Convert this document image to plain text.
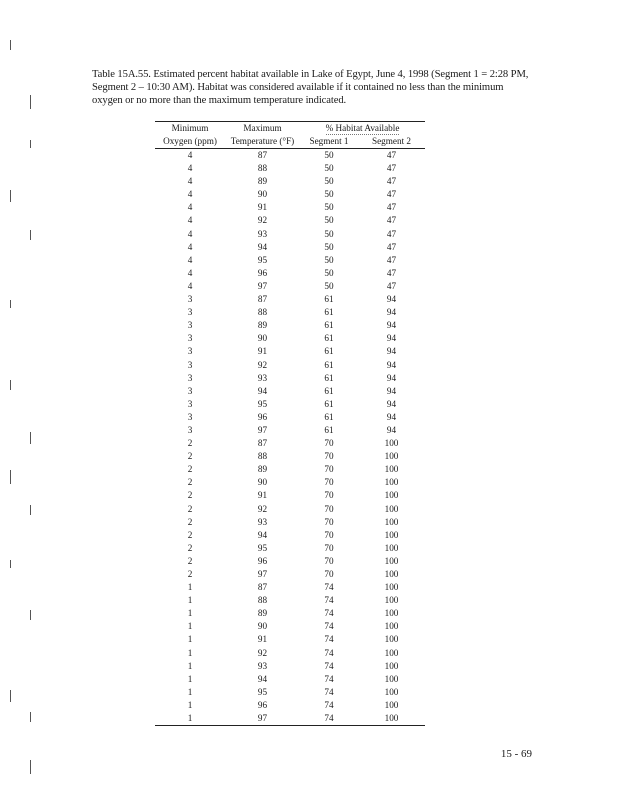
Table 15A.55. Estimated percent habitat available in Lake of Egypt, June 4, 1998 (Segment 1 = 2:28 PM, Segment 2 – 10:30 AM). Habitat was considered available if it contained no less than the minimum oxygen or no more than the maximum temperature indicated.
Minimum	Maximum	% Habitat Available	
Oxygen (ppm)	Temperature (°F)	Segment 1	Segment 2
4	87	50	47
4	88	50	47
4	89	50	47
4	90	50	47
4	91	50	47
4	92	50	47
4	93	50	47
4	94	50	47
4	95	50	47
4	96	50	47
4	97	50	47
3	87	61	94
3	88	61	94
3	89	61	94
3	90	61	94
3	91	61	94
3	92	61	94
3	93	61	94
3	94	61	94
3	95	61	94
3	96	61	94
3	97	61	94
2	87	70	100
2	88	70	100
2	89	70	100
2	90	70	100
2	91	70	100
2	92	70	100
2	93	70	100
2	94	70	100
2	95	70	100
2	96	70	100
2	97	70	100
1	87	74	100
1	88	74	100
1	89	74	100
1	90	74	100
1	91	74	100
1	92	74	100
1	93	74	100
1	94	74	100
1	95	74	100
1	96	74	100
1	97	74	100
15 - 69
